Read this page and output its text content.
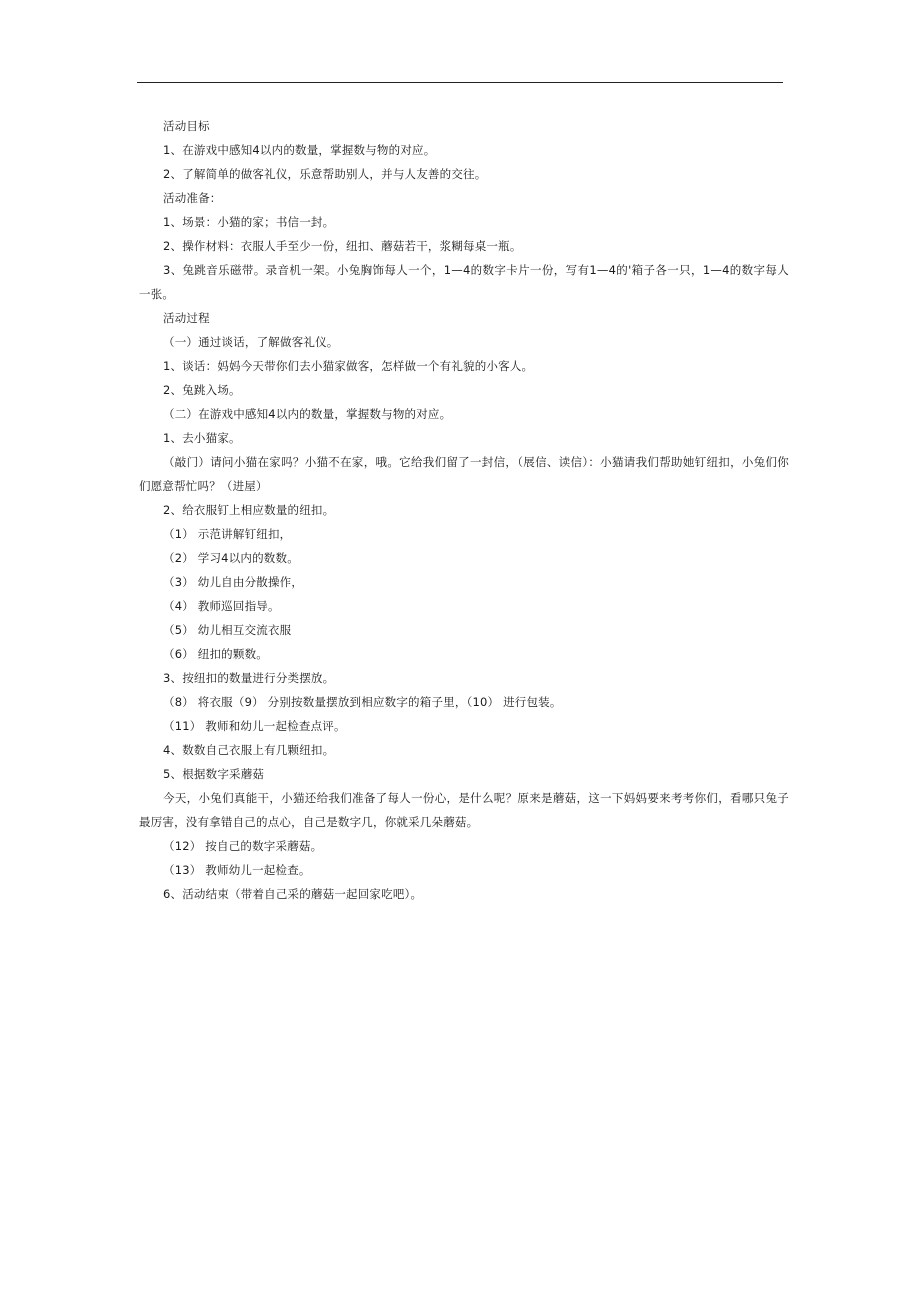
活动目标
1、在游戏中感知4以内的数量，掌握数与物的对应。
2、了解简单的做客礼仪，乐意帮助别人，并与人友善的交往。
活动准备：
1、场景：小猫的家；书信一封。
2、操作材料：衣服人手至少一份，纽扣、蘑菇若干，浆糊每桌一瓶。
3、兔跳音乐磁带。录音机一架。小兔胸饰每人一个，1—4的数字卡片一份，写有1—4的'箱子各一只，1—4的数字每人一张。
活动过程
（一）通过谈话，了解做客礼仪。
1、谈话：妈妈今天带你们去小猫家做客，怎样做一个有礼貌的小客人。
2、兔跳入场。
（二）在游戏中感知4以内的数量，掌握数与物的对应。
1、去小猫家。
（敲门）请问小猫在家吗？小猫不在家，哦。它给我们留了一封信，（展信、读信）：小猫请我们帮助她钉纽扣，小兔们你们愿意帮忙吗？（进屋）
2、给衣服钉上相应数量的纽扣。
（1） 示范讲解钉纽扣，
（2） 学习4以内的数数。
（3） 幼儿自由分散操作，
（4） 教师巡回指导。
（5） 幼儿相互交流衣服
（6） 纽扣的颗数。
3、按纽扣的数量进行分类摆放。
（8） 将衣服（9） 分别按数量摆放到相应数字的箱子里，（10） 进行包装。
（11） 教师和幼儿一起检查点评。
4、数数自己衣服上有几颗纽扣。
5、根据数字采蘑菇
今天，小兔们真能干，小猫还给我们准备了每人一份心，是什么呢？原来是蘑菇，这一下妈妈要来考考你们，看哪只兔子最厉害，没有拿错自己的点心，自己是数字几，你就采几朵蘑菇。
（12） 按自己的数字采蘑菇。
（13） 教师幼儿一起检查。
6、活动结束（带着自己采的蘑菇一起回家吃吧）。
